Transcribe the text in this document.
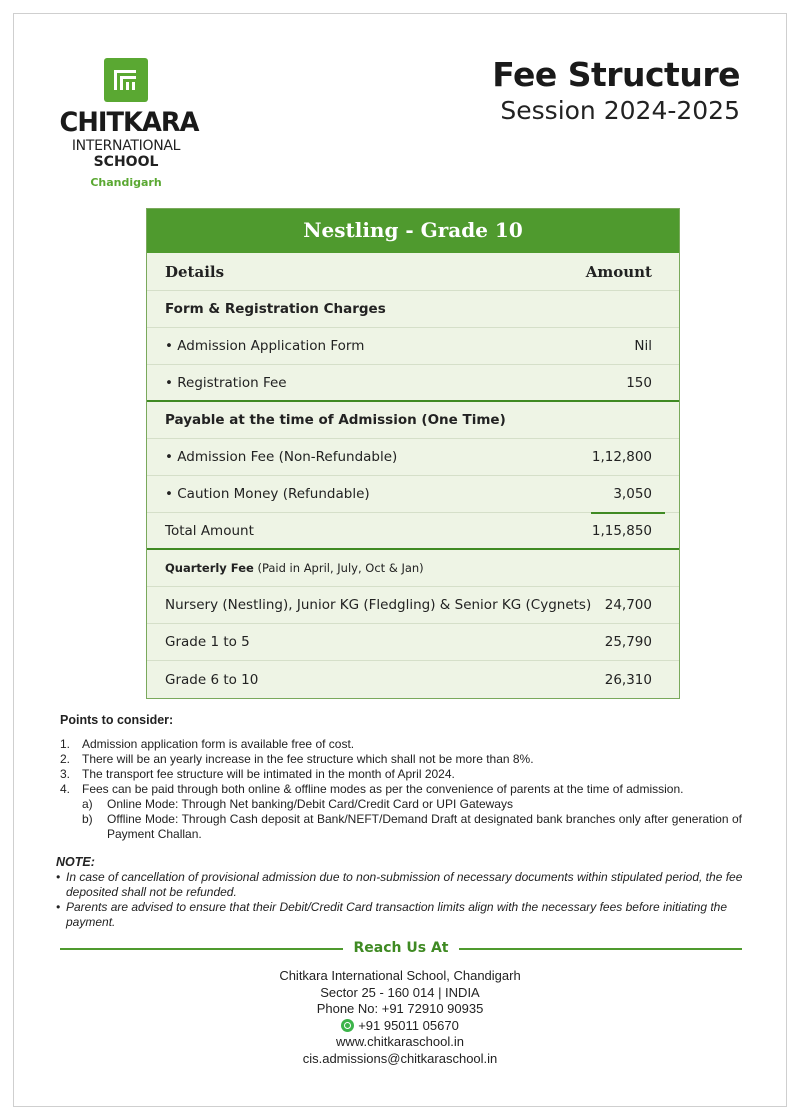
CHITKARA
INTERNATIONAL
SCHOOL
Chandigarh
Fee Structure
Session 2024-2025
Nestling - Grade 10
Details	Amount
Form & Registration Charges
• Admission Application Form	Nil
• Registration Fee	150
Payable at the time of Admission (One Time)
• Admission Fee (Non-Refundable)	1,12,800
• Caution Money (Refundable)	3,050
Total Amount	1,15,850
Quarterly Fee (Paid in April, July, Oct & Jan)
Nursery (Nestling), Junior KG (Fledgling) & Senior KG (Cygnets) 24,700
Grade 1 to 5	25,790
Grade 6 to 10	26,310
Points to consider:
1. Admission application form is available free of cost.
2. There will be an yearly increase in the fee structure which shall not be more than 8%.
3. The transport fee structure will be intimated in the month of April 2024.
4. Fees can be paid through both online & offline modes as per the convenience of parents at the time of admission.
a)	Online Mode: Through Net banking/Debit Card/Credit Card or UPI Gateways
b)	Offline Mode: Through Cash deposit at Bank/NEFT/Demand Draft at designated bank branches only after generation of Payment Challan.
NOTE:
• In case of cancellation of provisional admission due to non-submission of necessary documents within stipulated period, the fee deposited shall not be refunded.
• Parents are advised to ensure that their Debit/Credit Card transaction limits align with the necessary fees before initiating the payment.
Reach Us At
Chitkara International School, Chandigarh
Sector 25 - 160 014 | INDIA
Phone No: +91 72910 90935
+91 95011 05670
www.chitkaraschool.in
cis.admissions@chitkaraschool.in
